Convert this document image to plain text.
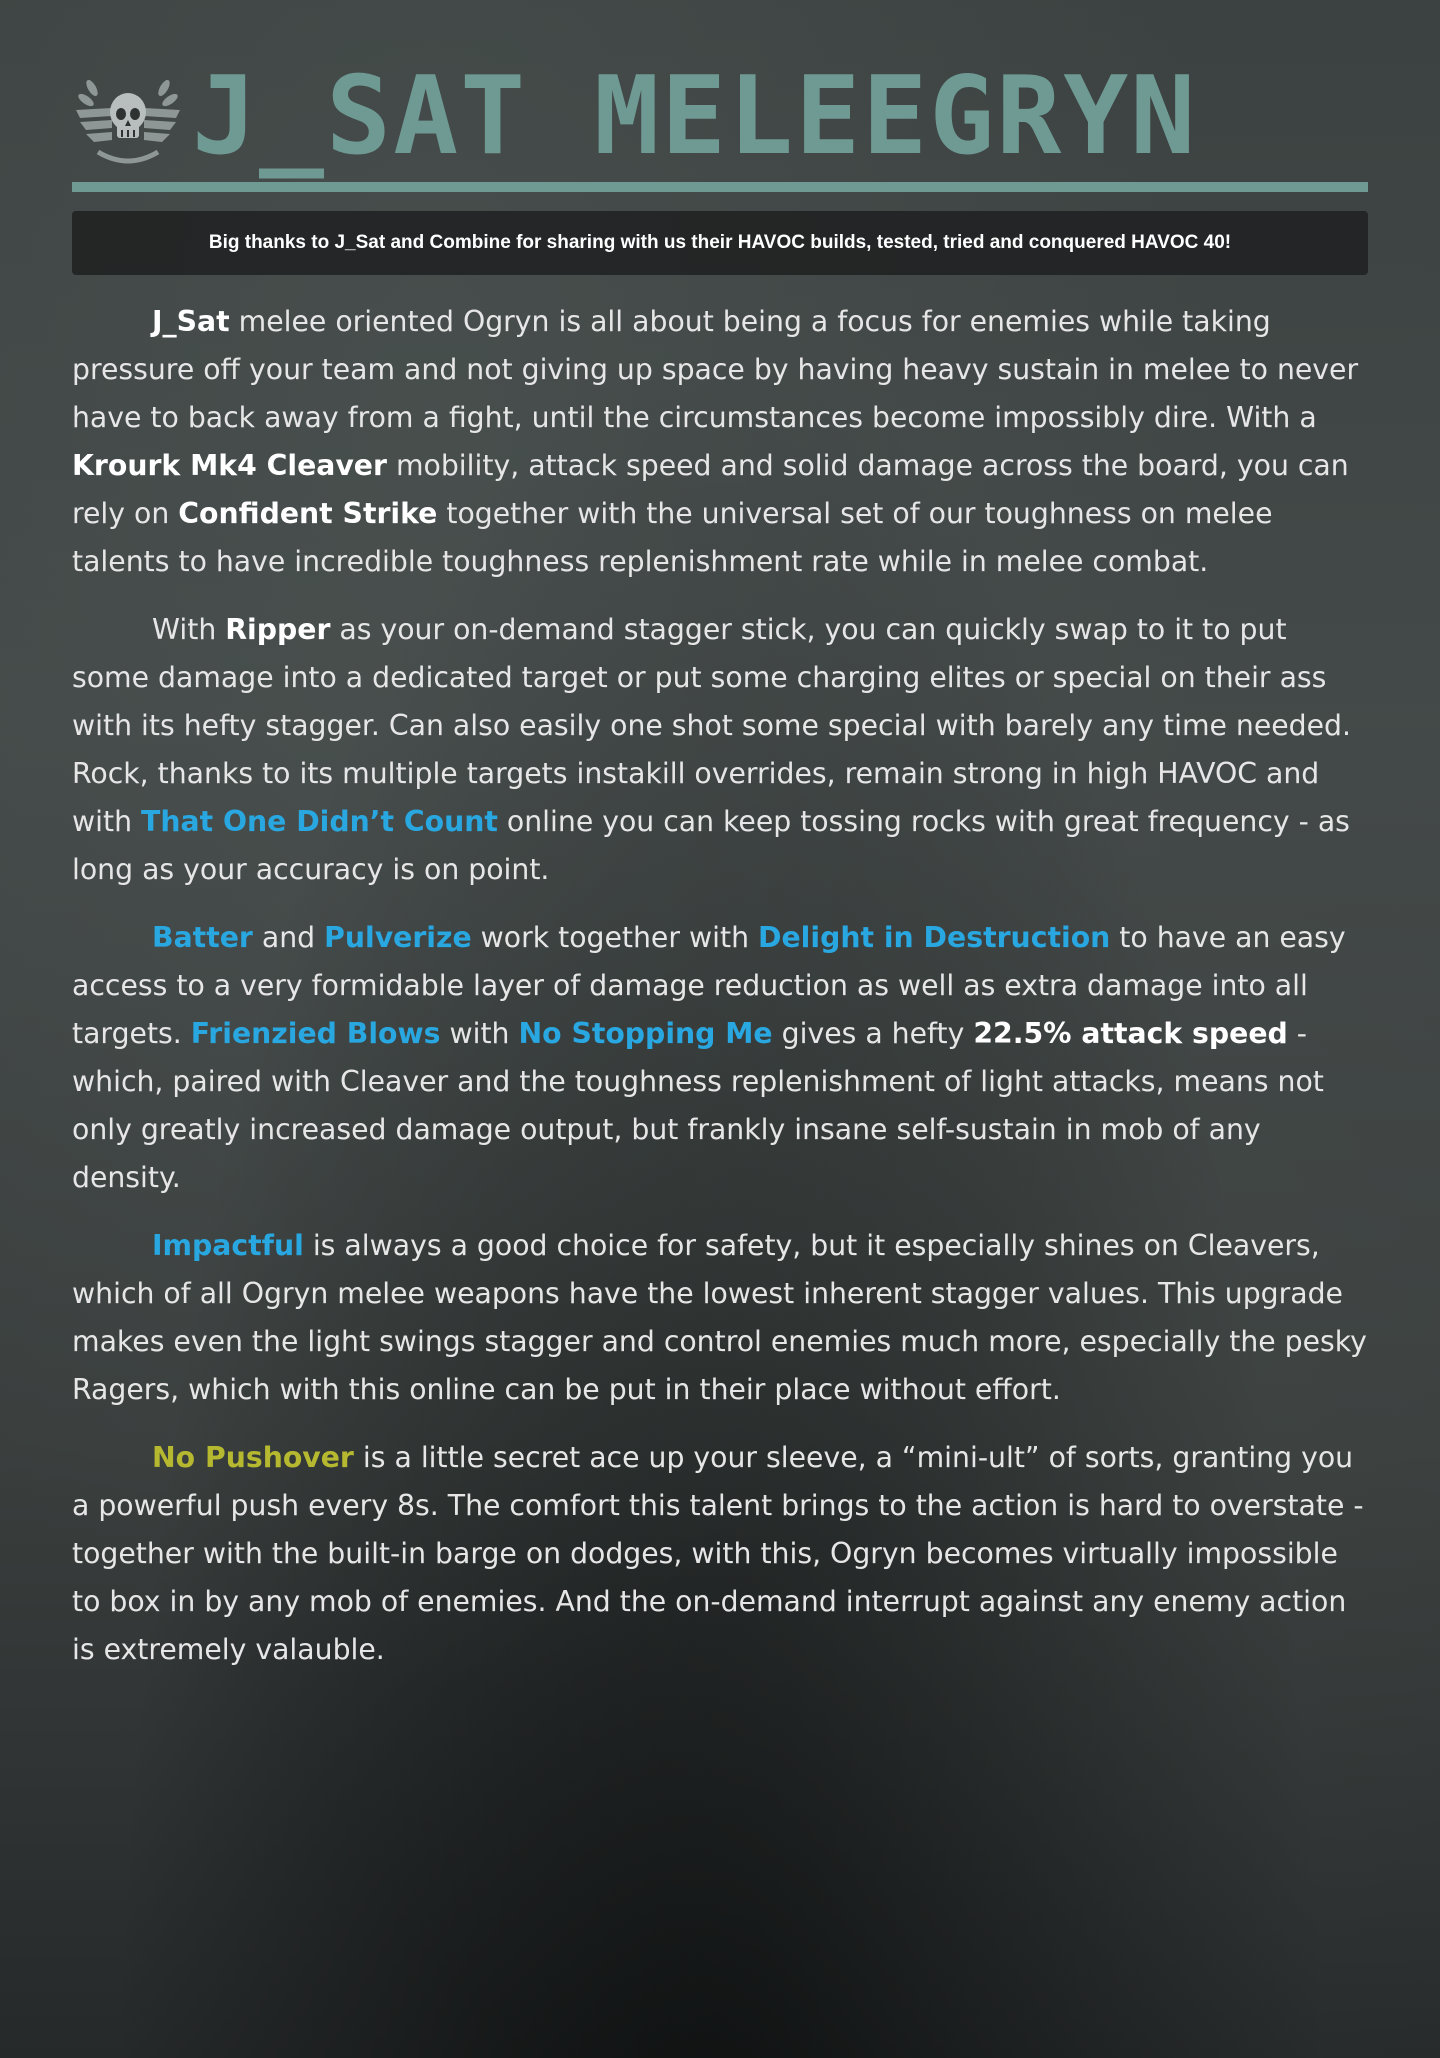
J_SAT MELEEGRYN
Big thanks to J_Sat and Combine for sharing with us their HAVOC builds, tested, tried and conquered HAVOC 40!

J_Sat melee oriented Ogryn is all about being a focus for enemies while taking pressure off your team and not giving up space by having heavy sustain in melee to never have to back away from a fight, until the circumstances become impossibly dire. With a Krourk Mk4 Cleaver mobility, attack speed and solid damage across the board, you can rely on Confident Strike together with the universal set of our toughness on melee talents to have incredible toughness replenishment rate while in melee combat.

With Ripper as your on-demand stagger stick, you can quickly swap to it to put some damage into a dedicated target or put some charging elites or special on their ass with its hefty stagger. Can also easily one shot some special with barely any time needed. Rock, thanks to its multiple targets instakill overrides, remain strong in high HAVOC and with That One Didn’t Count online you can keep tossing rocks with great frequency - as long as your accuracy is on point.

Batter and Pulverize work together with Delight in Destruction to have an easy access to a very formidable layer of damage reduction as well as extra damage into all targets. Frienzied Blows with No Stopping Me gives a hefty 22.5% attack speed - which, paired with Cleaver and the toughness replenishment of light attacks, means not only greatly increased damage output, but frankly insane self-sustain in mob of any density.

Impactful is always a good choice for safety, but it especially shines on Cleavers, which of all Ogryn melee weapons have the lowest inherent stagger values. This upgrade makes even the light swings stagger and control enemies much more, especially the pesky Ragers, which with this online can be put in their place without effort.

No Pushover is a little secret ace up your sleeve, a “mini-ult” of sorts, granting you a powerful push every 8s. The comfort this talent brings to the action is hard to overstate - together with the built-in barge on dodges, with this, Ogryn becomes virtually impossible to box in by any mob of enemies. And the on-demand interrupt against any enemy action is extremely valauble.
